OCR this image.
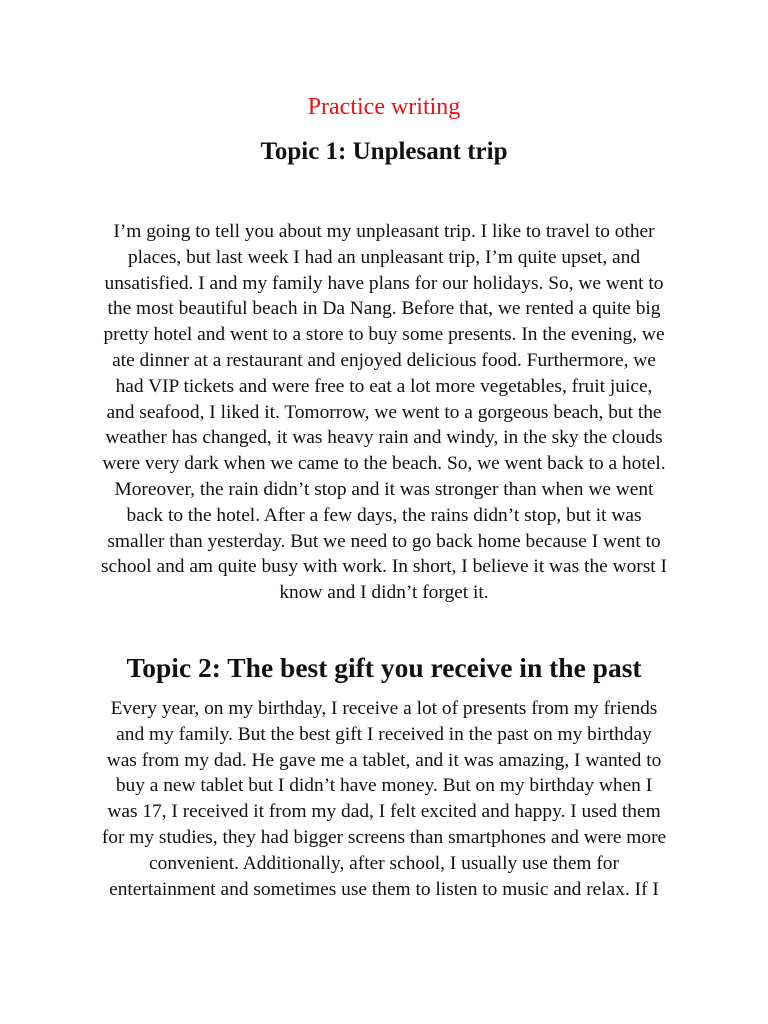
Practice writing
Topic 1: Unplesant trip
I’m going to tell you about my unpleasant trip. I like to travel to other
places, but last week I had an unpleasant trip, I’m quite upset, and
unsatisfied. I and my family have plans for our holidays. So, we went to
the most beautiful beach in Da Nang. Before that, we rented a quite big
pretty hotel and went to a store to buy some presents. In the evening, we
ate dinner at a restaurant and enjoyed delicious food. Furthermore, we
had VIP tickets and were free to eat a lot more vegetables, fruit juice,
and seafood, I liked it. Tomorrow, we went to a gorgeous beach, but the
weather has changed, it was heavy rain and windy, in the sky the clouds
were very dark when we came to the beach. So, we went back to a hotel.
Moreover, the rain didn’t stop and it was stronger than when we went
back to the hotel. After a few days, the rains didn’t stop, but it was
smaller than yesterday. But we need to go back home because I went to
school and am quite busy with work. In short, I believe it was the worst I
know and I didn’t forget it.
Topic 2: The best gift you receive in the past
Every year, on my birthday, I receive a lot of presents from my friends
and my family. But the best gift I received in the past on my birthday
was from my dad. He gave me a tablet, and it was amazing, I wanted to
buy a new tablet but I didn’t have money. But on my birthday when I
was 17, I received it from my dad, I felt excited and happy. I used them
for my studies, they had bigger screens than smartphones and were more
convenient. Additionally, after school, I usually use them for
entertainment and sometimes use them to listen to music and relax. If I
